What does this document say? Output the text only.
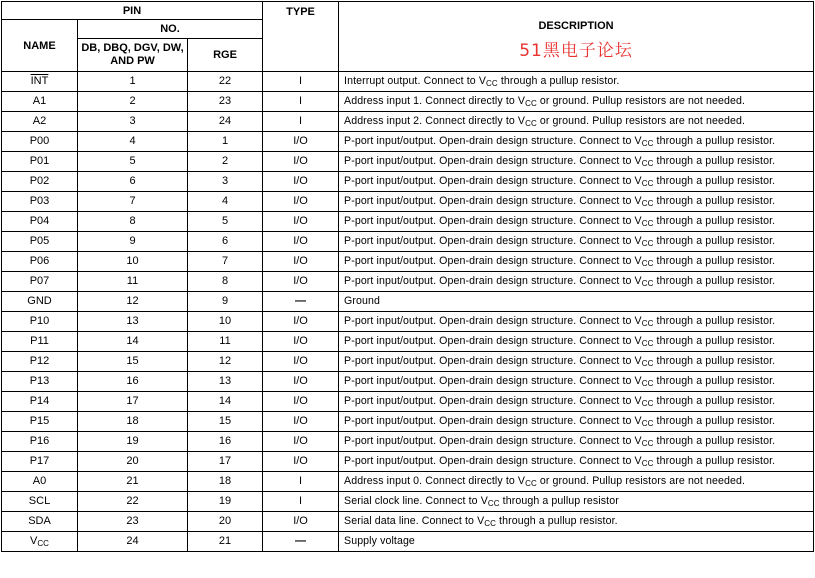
PIN			TYPE	DESCRIPTION
51黑电子论坛

NAME	NO.			
	DB, DBQ, DGV, DW, AND PW	RGE		
$\overline{INT}$	1	22	I	Interrupt output. Connect to $V_{CC}$ through a pullup resistor.
A1	2	23	I	Address input 1. Connect directly to $V_{CC}$ or ground. Pullup resistors are not needed.
A2	3	24	I	Address input 2. Connect directly to $V_{CC}$ or ground. Pullup resistors are not needed.
P00	4	1	I/O	P-port input/output. Open-drain design structure. Connect to $V_{CC}$ through a pullup resistor.
P01	5	2	I/O	P-port input/output. Open-drain design structure. Connect to $V_{CC}$ through a pullup resistor.
P02	6	3	I/O	P-port input/output. Open-drain design structure. Connect to $V_{CC}$ through a pullup resistor.
P03	7	4	I/O	P-port input/output. Open-drain design structure. Connect to $V_{CC}$ through a pullup resistor.
P04	8	5	I/O	P-port input/output. Open-drain design structure. Connect to $V_{CC}$ through a pullup resistor.
P05	9	6	I/O	P-port input/output. Open-drain design structure. Connect to $V_{CC}$ through a pullup resistor.
P06	10	7	I/O	P-port input/output. Open-drain design structure. Connect to $V_{CC}$ through a pullup resistor.
P07	11	8	I/O	P-port input/output. Open-drain design structure. Connect to $V_{CC}$ through a pullup resistor.
GND	12	9	—	Ground
P10	13	10	I/O	P-port input/output. Open-drain design structure. Connect to $V_{CC}$ through a pullup resistor.
P11	14	11	I/O	P-port input/output. Open-drain design structure. Connect to $V_{CC}$ through a pullup resistor.
P12	15	12	I/O	P-port input/output. Open-drain design structure. Connect to $V_{CC}$ through a pullup resistor.
P13	16	13	I/O	P-port input/output. Open-drain design structure. Connect to $V_{CC}$ through a pullup resistor.
P14	17	14	I/O	P-port input/output. Open-drain design structure. Connect to $V_{CC}$ through a pullup resistor.
P15	18	15	I/O	P-port input/output. Open-drain design structure. Connect to $V_{CC}$ through a pullup resistor.
P16	19	16	I/O	P-port input/output. Open-drain design structure. Connect to $V_{CC}$ through a pullup resistor.
P17	20	17	I/O	P-port input/output. Open-drain design structure. Connect to $V_{CC}$ through a pullup resistor.
A0	21	18	I	Address input 0. Connect directly to $V_{CC}$ or ground. Pullup resistors are not needed.
SCL	22	19	I	Serial clock line. Connect to $V_{CC}$ through a pullup resistor
SDA	23	20	I/O	Serial data line. Connect to $V_{CC}$ through a pullup resistor.
$V_{CC}$	24	21	—	Supply voltage
